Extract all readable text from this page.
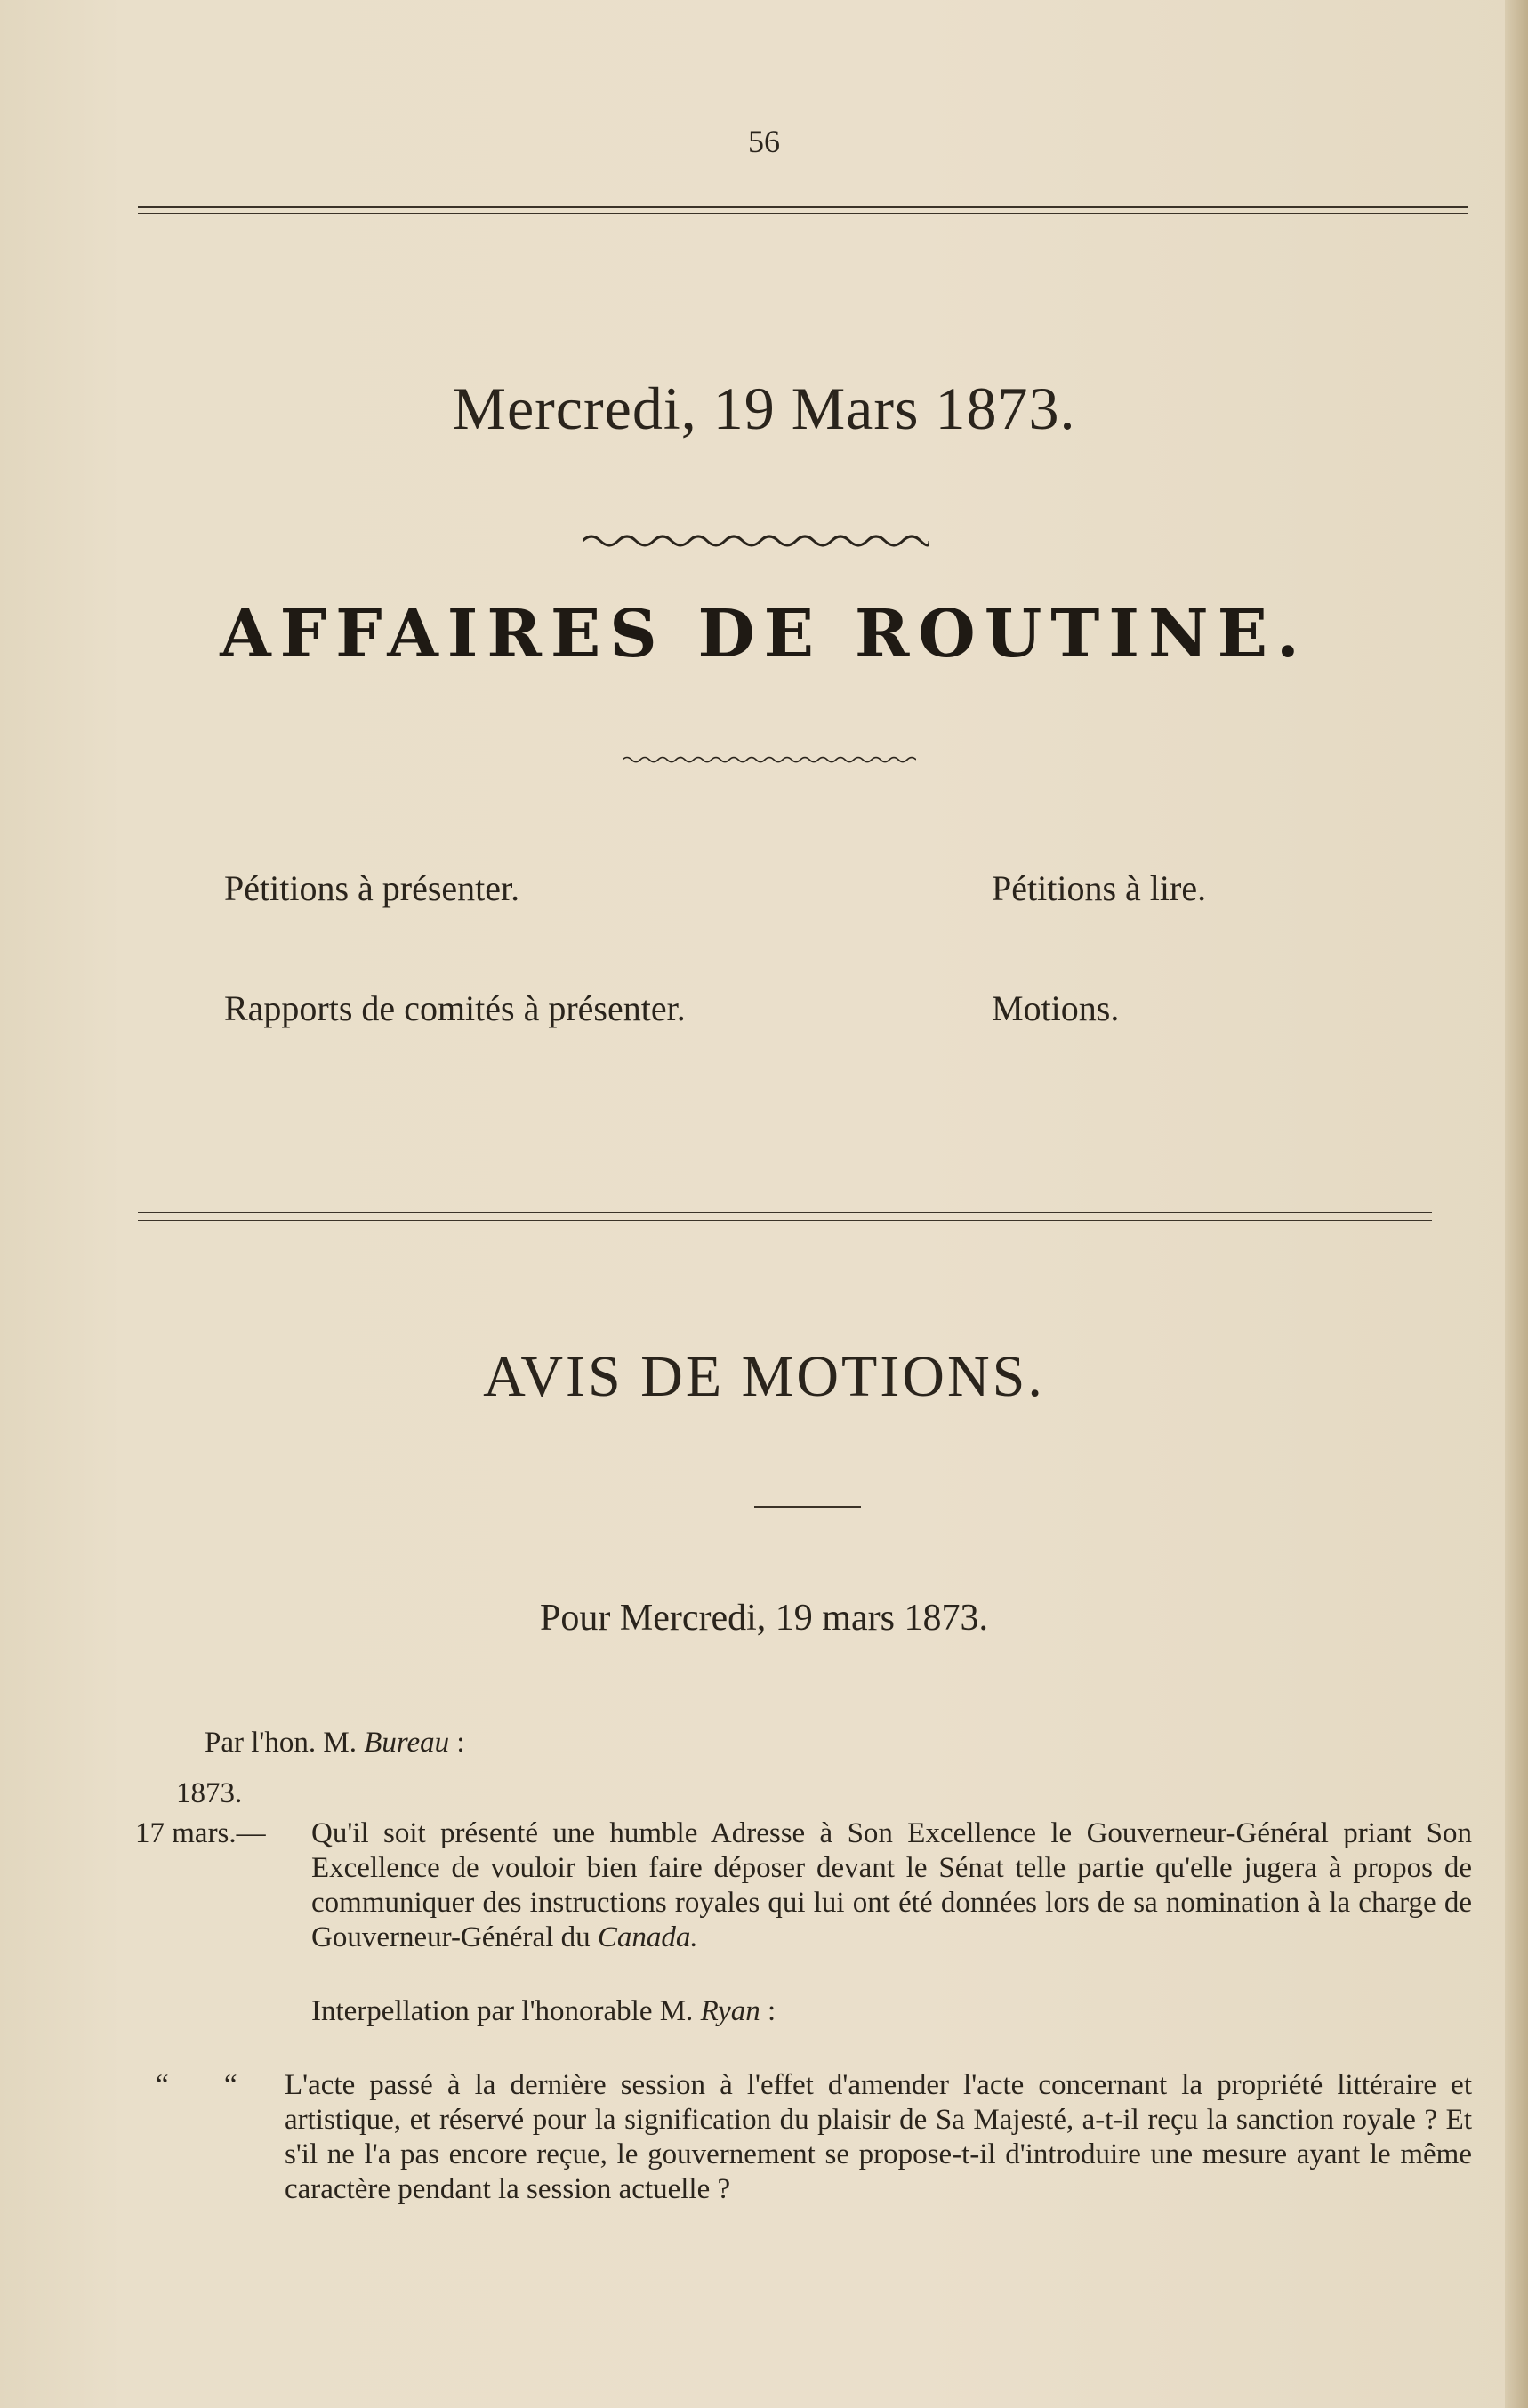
56
Mercredi, 19 Mars 1873.
AFFAIRES DE ROUTINE.
Pétitions à présenter.	Pétitions à lire.
Rapports de comités à présenter.	Motions.
AVIS DE MOTIONS.
Pour Mercredi, 19 mars 1873.
Par l'hon. M. Bureau :
1873.
17 mars.— Qu'il soit présenté une humble Adresse à Son Excellence le Gouverneur-Général priant Son Excellence de vouloir bien faire déposer devant le Sénat telle partie qu'elle jugera à propos de communiquer des instructions royales qui lui ont été données lors de sa nomination à la charge de Gouverneur-Général du Canada.
Interpellation par l'honorable M. Ryan :
“ “ L'acte passé à la dernière session à l'effet d'amender l'acte concernant la propriété littéraire et artistique, et réservé pour la signification du plaisir de Sa Majesté, a-t-il reçu la sanction royale ? Et s'il ne l'a pas encore reçue, le gouvernement se propose-t-il d'introduire une mesure ayant le même caractère pendant la session actuelle ?
